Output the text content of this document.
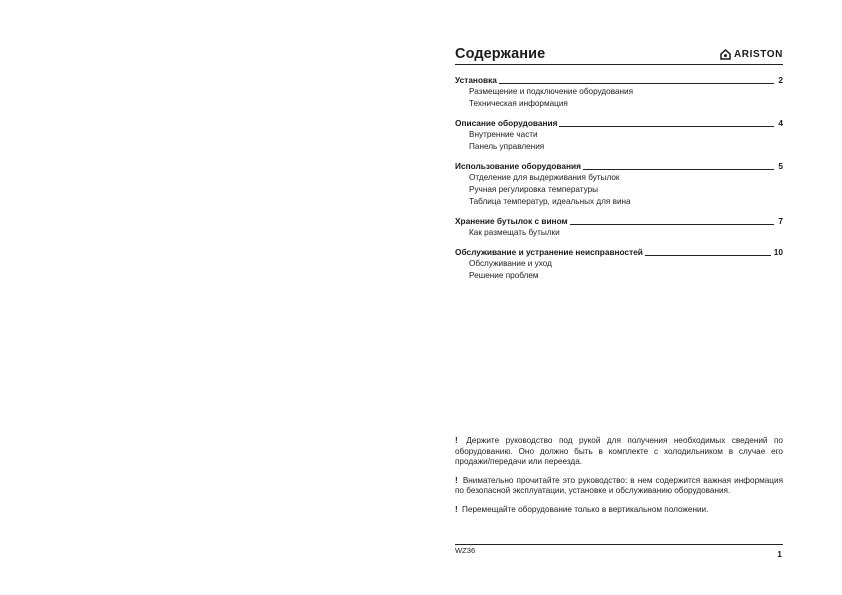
Содержание	ARISTON
Установка	2
Размещение и подключение оборудования
Техническая информация
Описание оборудования	4
Внутренние части
Панель управления
Использование оборудования	5
Отделение для выдерживания бутылок
Ручная регулировка температуры
Таблица температур, идеальных для вина
Хранение бутылок с вином	7
Как размещать бутылки
Обслуживание и устранение неисправностей	10
Обслуживание и уход
Решение проблем
! Держите руководство под рукой для получения необходимых сведений по оборудованию. Оно должно быть в комплекте с холодильником в случае его продажи/передачи или переезда.
! Внимательно прочитайте это руководство: в нем содержится важная информация по безопасной эксплуатации, установке и обслуживанию оборудования.
! Перемещайте оборудование только в вертикальном положении.
WZ36	1
